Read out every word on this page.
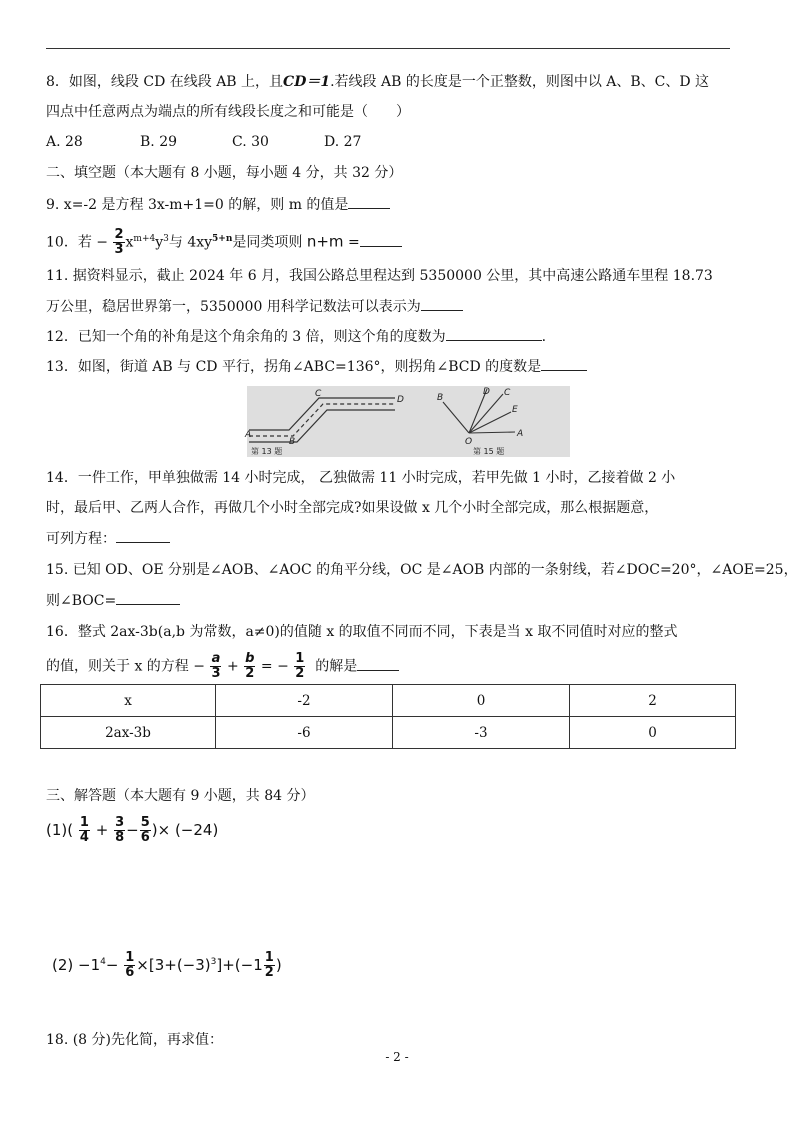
8．如图，线段 CD 在线段 AB 上，且CD＝1.若线段 AB 的长度是一个正整数，则图中以 A、B、C、D 这
四点中任意两点为端点的所有线段长度之和可能是（　　）
A. 28	B. 29	C. 30	D. 27
二、填空题（本大题有 8 小题，每小题 4 分，共 32 分）
9. x=-2 是方程 3x-m+1=0 的解，则 m 的值是
10．若 − $\frac{2}{3} x^{m+4}y^3$与 $4xy^{5+n}$是同类项则 n+m =
11. 据资料显示，截止 2024 年 6 月，我国公路总里程达到 5350000 公里，其中高速公路通车里程 18.73
万公里，稳居世界第一，5350000 用科学记数法可以表示为
12．已知一个角的补角是这个角余角的 3 倍，则这个角的度数为	.
13．如图，街道 AB 与 CD 平行，拐角∠ABC=136°，则拐角∠BCD 的度数是
A
B
C
D
第 13 题
B
D C
E
O
A
第 15 题
14．一件工作，甲单独做需 14 小时完成， 乙独做需 11 小时完成，若甲先做 1 小时，乙接着做 2 小
时，最后甲、乙两人合作，再做几个小时全部完成?如果设做 x 几个小时全部完成，那么根据题意，
可列方程：
15. 已知 OD、OE 分别是∠AOB、∠AOC 的角平分线，OC 是∠AOB 内部的一条射线，若∠DOC=20°，∠AOE=25，
则∠BOC=
16．整式 2ax-3b(a,b 为常数，a≠0)的值随 x 的取值不同而不同，下表是当 x 取不同值时对应的整式
的值，则关于 x 的方程 − $\frac{a}{3} + \frac{b}{2}$ = − $\frac{1}{2}$ 的解是
x	-2	0	2
2ax-3b	-6	-3	0
三、解答题（本大题有 9 小题，共 84 分）
$(1)( \frac{1}{4} + \frac{3}{8} - \frac{5}{6}$ )× (−24)
$(2) -1^4- \frac{1}{6} \times[3+(-3)^3]+(-1 \frac{1}{2}$ )
18. (8 分)先化简，再求值：
- 2 -
